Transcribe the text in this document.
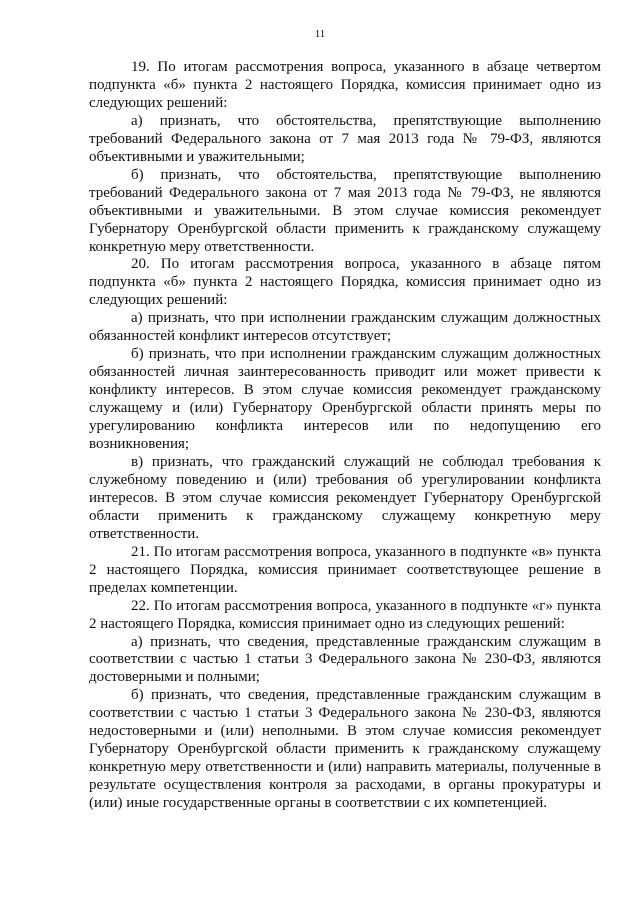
11

19. По итогам рассмотрения вопроса, указанного в абзаце четвертом подпункта «б» пункта 2 настоящего Порядка, комиссия принимает одно из следующих решений:

а) признать, что обстоятельства, препятствующие выполнению требований Федерального закона от 7 мая 2013 года № 79-ФЗ, являются объективными и уважительными;

б) признать, что обстоятельства, препятствующие выполнению требований Федерального закона от 7 мая 2013 года № 79-ФЗ, не являются объективными и уважительными. В этом случае комиссия рекомендует Губернатору Оренбургской области применить к гражданскому служащему конкретную меру ответственности.

20. По итогам рассмотрения вопроса, указанного в абзаце пятом подпункта «б» пункта 2 настоящего Порядка, комиссия принимает одно из следующих решений:

а) признать, что при исполнении гражданским служащим должностных обязанностей конфликт интересов отсутствует;

б) признать, что при исполнении гражданским служащим должностных обязанностей личная заинтересованность приводит или может привести к конфликту интересов. В этом случае комиссия рекомендует гражданскому служащему и (или) Губернатору Оренбургской области принять меры по урегулированию конфликта интересов или по недопущению его возникновения;

в) признать, что гражданский служащий не соблюдал требования к служебному поведению и (или) требования об урегулировании конфликта интересов. В этом случае комиссия рекомендует Губернатору Оренбургской области применить к гражданскому служащему конкретную меру ответственности.

21. По итогам рассмотрения вопроса, указанного в подпункте «в» пункта 2 настоящего Порядка, комиссия принимает соответствующее решение в пределах компетенции.

22. По итогам рассмотрения вопроса, указанного в подпункте «г» пункта 2 настоящего Порядка, комиссия принимает одно из следующих решений:

а) признать, что сведения, представленные гражданским служащим в соответствии с частью 1 статьи 3 Федерального закона № 230-ФЗ, являются достоверными и полными;

б) признать, что сведения, представленные гражданским служащим в соответствии с частью 1 статьи 3 Федерального закона № 230-ФЗ, являются недостоверными и (или) неполными. В этом случае комиссия рекомендует Губернатору Оренбургской области применить к гражданскому служащему конкретную меру ответственности и (или) направить материалы, полученные в результате осуществления контроля за расходами, в органы прокуратуры и (или) иные государственные органы в соответствии с их компетенцией.
